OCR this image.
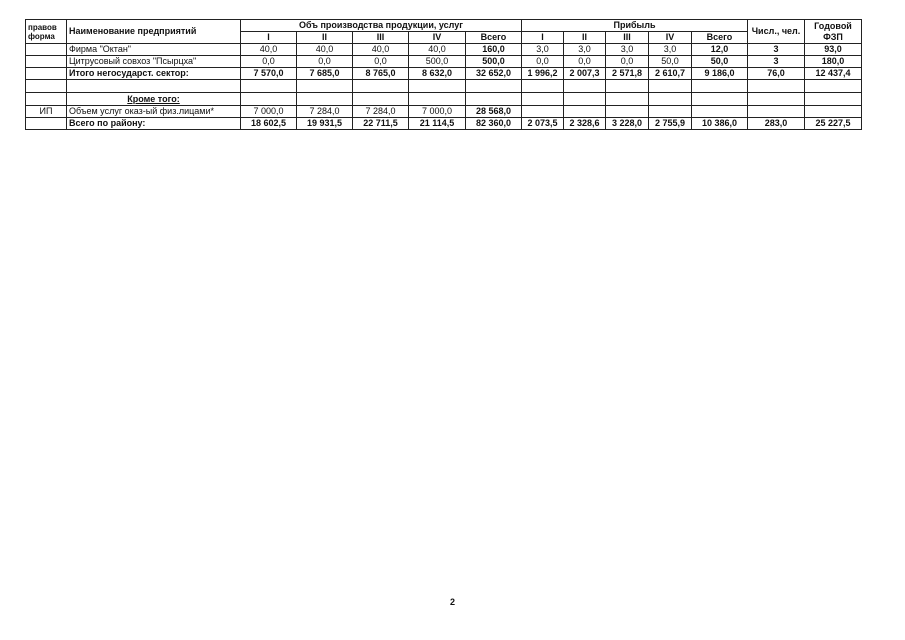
правов
форма	Наименование предприятий	Объ производства продукции, услуг					Прибыль					Числ., чел.	Годовой
ФЗП
		I	II	III	IV	Всего	I	II	III	IV	Всего		
	Фирма "Октан"	40,0	40,0	40,0	40,0	160,0	3,0	3,0	3,0	3,0	12,0	3	93,0
	Цитрусовый совхоз "Псырцха"	0,0	0,0	0,0	500,0	500,0	0,0	0,0	0,0	50,0	50,0	3	180,0
	Итого негосударст. сектор:	7 570,0	7 685,0	8 765,0	8 632,0	32 652,0	1 996,2	2 007,3	2 571,8	2 610,7	9 186,0	76,0	12 437,4

	Кроме того:												
ИП	Объем услуг оказ-ый физ.лицами*	7 000,0	7 284,0	7 284,0	7 000,0	28 568,0							
	Всего по району:	18 602,5	19 931,5	22 711,5	21 114,5	82 360,0	2 073,5	2 328,6	3 228,0	2 755,9	10 386,0	283,0	25 227,5
2
